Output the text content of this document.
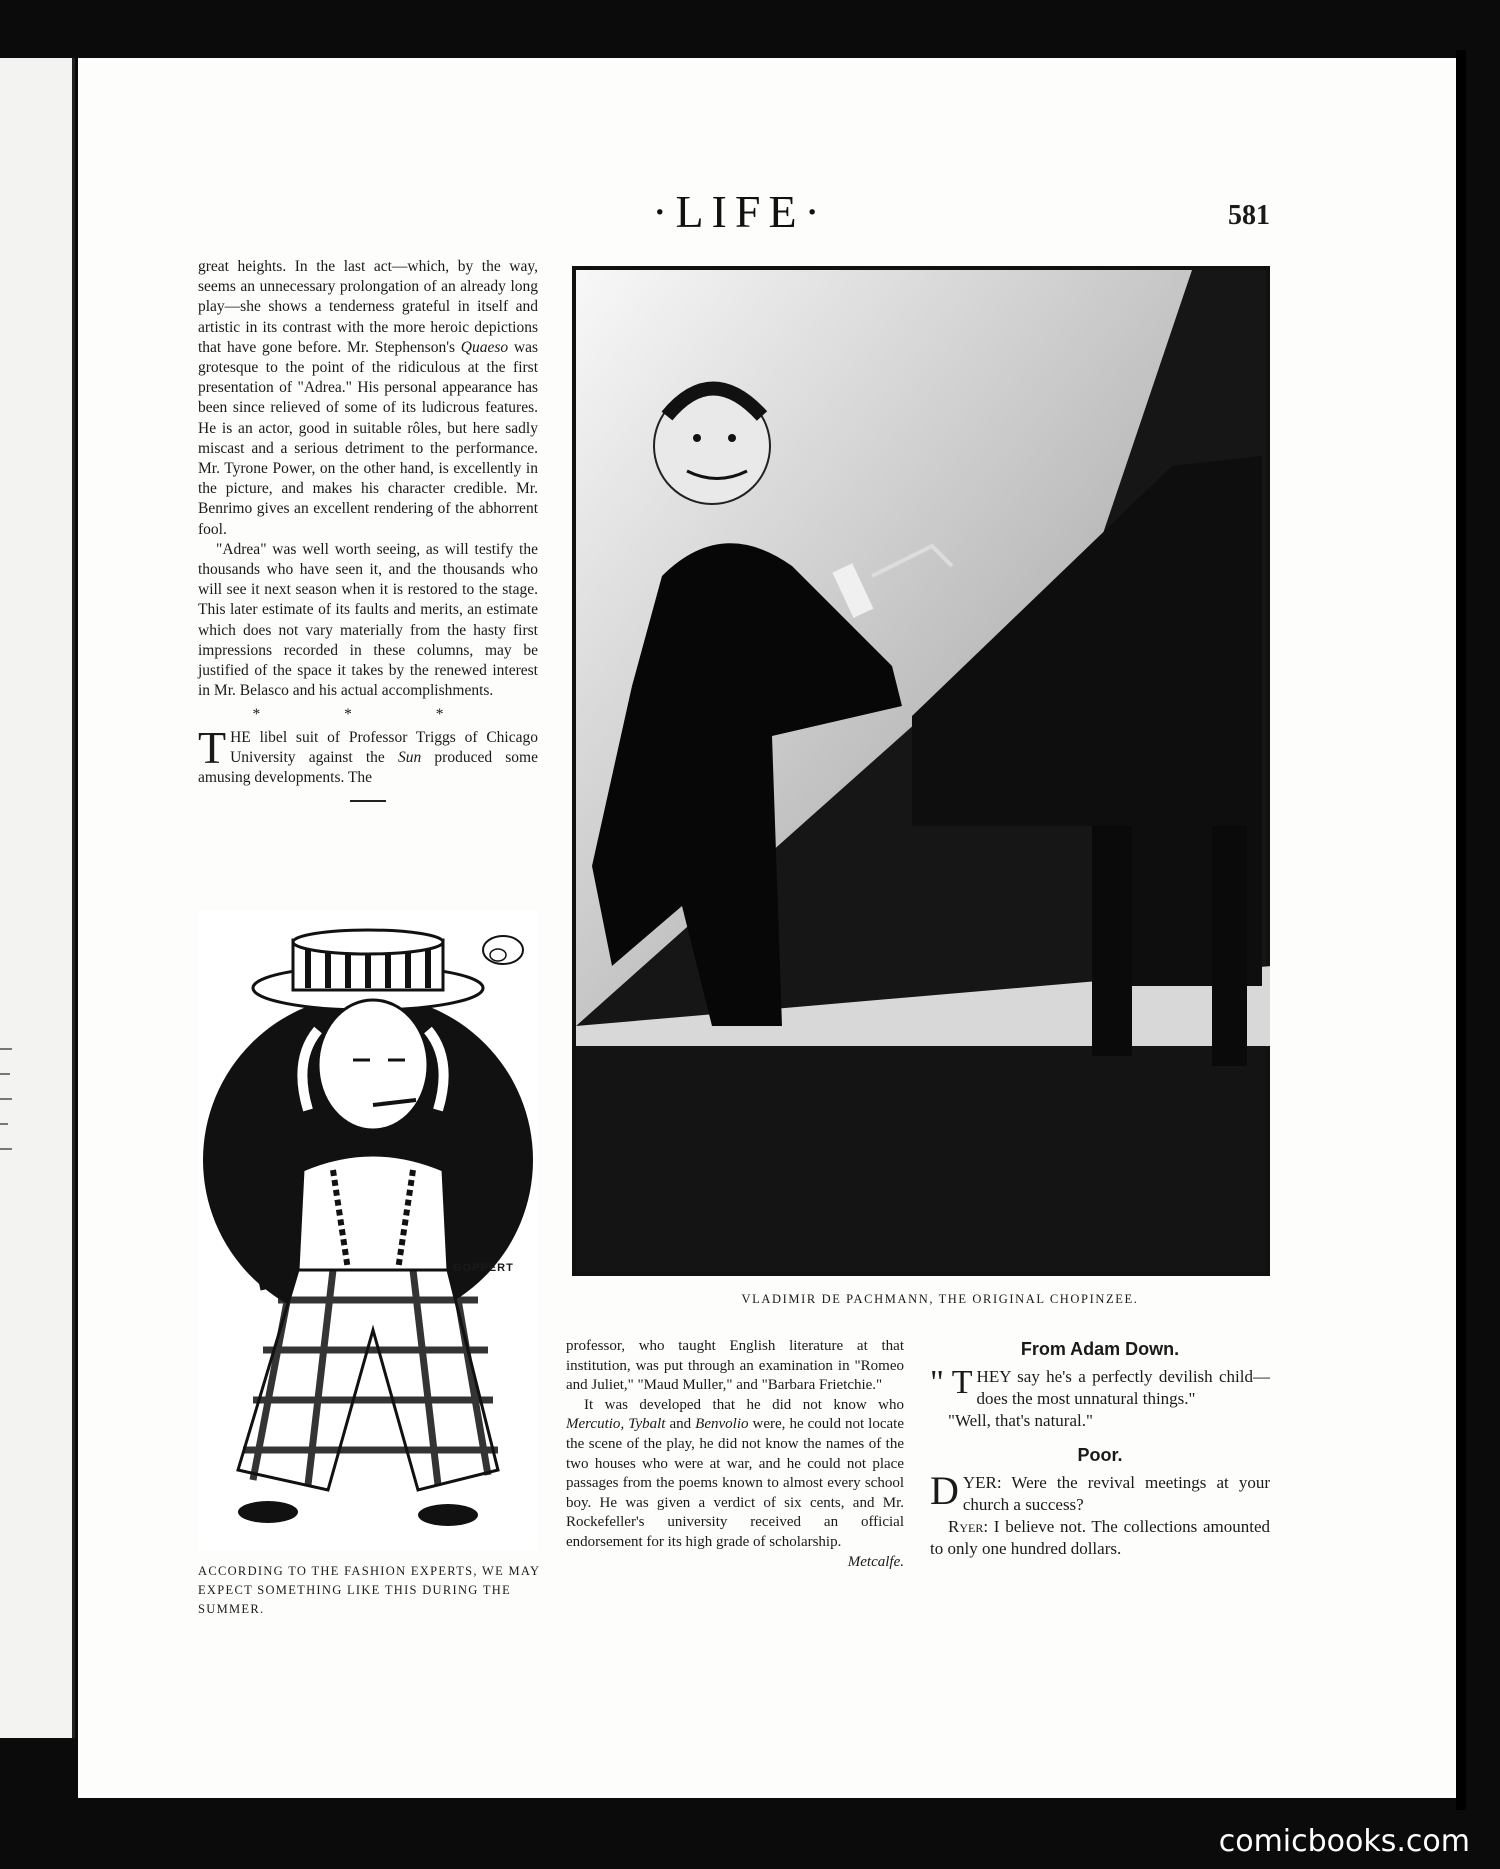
·LIFE·	581

great heights. In the last act—which, by the way, seems an unnecessary prolongation of an already long play—she shows a tenderness grateful in itself and artistic in its contrast with the more heroic depictions that have gone before. Mr. Stephenson's Quaeso was grotesque to the point of the ridiculous at the first presentation of "Adrea." His personal appearance has been since relieved of some of its ludicrous features. He is an actor, good in suitable rôles, but here sadly miscast and a serious detriment to the performance. Mr. Tyrone Power, on the other hand, is excellently in the picture, and makes his character credible. Mr. Benrimo gives an excellent rendering of the abhorrent fool.

"Adrea" was well worth seeing, as will testify the thousands who have seen it, and the thousands who will see it next season when it is restored to the stage. This later estimate of its faults and merits, an estimate which does not vary materially from the hasty first impressions recorded in these columns, may be justified of the space it takes by the renewed interest in Mr. Belasco and his actual accomplishments.

* * *

THE libel suit of Professor Triggs of Chicago University against the Sun produced some amusing developments. The

GOPPERT
ACCORDING TO THE FASHION EXPERTS, WE MAY EXPECT SOMETHING LIKE THIS DURING THE SUMMER.
VLADIMIR DE PACHMANN, THE ORIGINAL CHOPINZEE.

professor, who taught English literature at that institution, was put through an examination in "Romeo and Juliet," "Maud Muller," and "Barbara Frietchie."

It was developed that he did not know who Mercutio, Tybalt and Benvolio were, he could not locate the scene of the play, he did not know the names of the two houses who were at war, and he could not place passages from the poems known to almost every school boy. He was given a verdict of six cents, and Mr. Rockefeller's university received an official endorsement for its high grade of scholarship.

Metcalfe.

From Adam Down.

" T HEY say he's a perfectly devilish child—does the most unnatural things."

"Well, that's natural."

Poor.

DYER: Were the revival meetings at your church a success?

Ryer: I believe not. The collections amounted to only one hundred dollars.

comicbooks.com
